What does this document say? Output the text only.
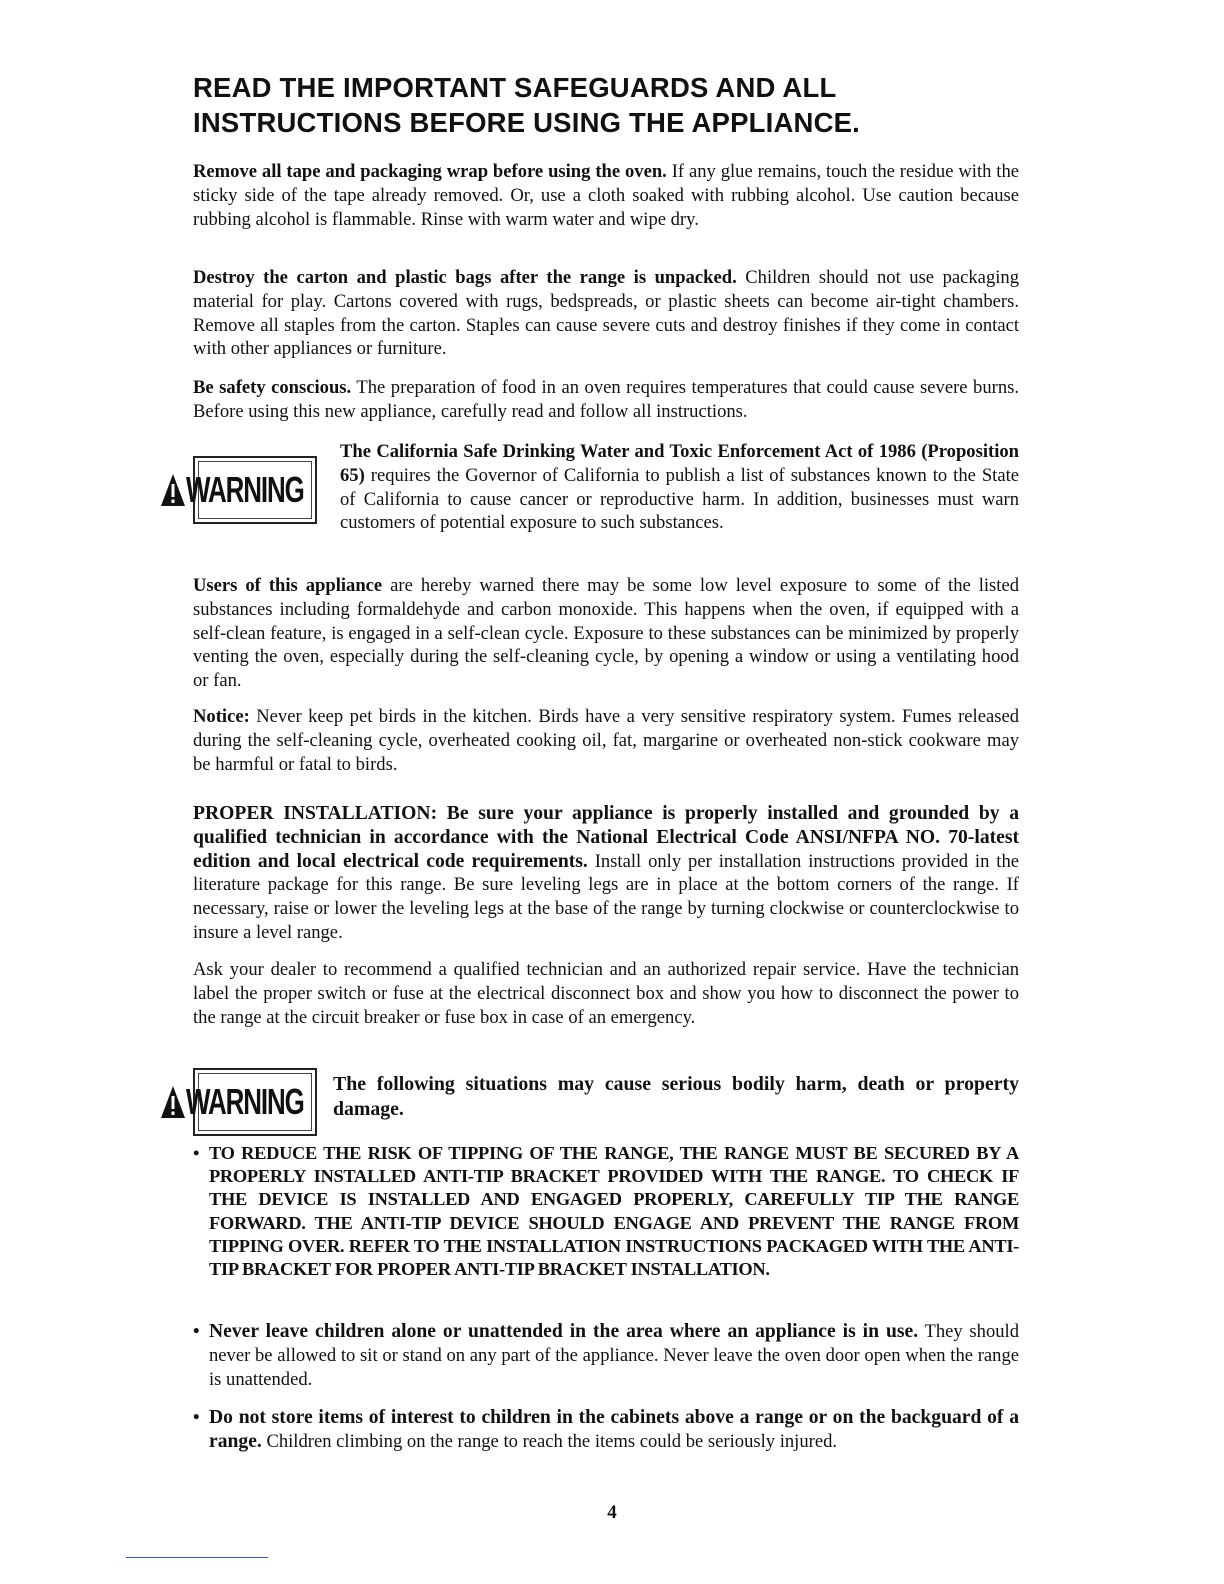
READ THE IMPORTANT SAFEGUARDS AND ALL
INSTRUCTIONS BEFORE USING THE APPLIANCE.

Remove all tape and packaging wrap before using the oven. If any glue remains, touch the residue with the sticky side of the tape already removed. Or, use a cloth soaked with rubbing alcohol. Use caution because rubbing alcohol is flammable. Rinse with warm water and wipe dry.

Destroy the carton and plastic bags after the range is unpacked. Children should not use packaging material for play. Cartons covered with rugs, bedspreads, or plastic sheets can become air-tight chambers. Remove all staples from the carton. Staples can cause severe cuts and destroy finishes if they come in contact with other appliances or furniture.

Be safety conscious. The preparation of food in an oven requires temperatures that could cause severe burns. Before using this new appliance, carefully read and follow all instructions.

WARNING

The California Safe Drinking Water and Toxic Enforcement Act of 1986 (Proposition 65) requires the Governor of California to publish a list of substances known to the State of California to cause cancer or reproductive harm. In addition, businesses must warn customers of potential exposure to such substances.

Users of this appliance are hereby warned there may be some low level exposure to some of the listed substances including formaldehyde and carbon monoxide. This happens when the oven, if equipped with a self-clean feature, is engaged in a self-clean cycle. Exposure to these substances can be minimized by properly venting the oven, especially during the self-cleaning cycle, by opening a window or using a ventilating hood or fan.

Notice: Never keep pet birds in the kitchen. Birds have a very sensitive respiratory system. Fumes released during the self-cleaning cycle, overheated cooking oil, fat, margarine or overheated non-stick cookware may be harmful or fatal to birds.

PROPER INSTALLATION: Be sure your appliance is properly installed and grounded by a qualified technician in accordance with the National Electrical Code ANSI/NFPA NO. 70-latest edition and local electrical code requirements. Install only per installation instructions provided in the literature package for this range. Be sure leveling legs are in place at the bottom corners of the range. If necessary, raise or lower the leveling legs at the base of the range by turning clockwise or counterclockwise to insure a level range.

Ask your dealer to recommend a qualified technician and an authorized repair service. Have the technician label the proper switch or fuse at the electrical disconnect box and show you how to disconnect the power to the range at the circuit breaker or fuse box in case of an emergency.

WARNING The following situations may cause serious bodily harm, death or property damage.

• TO REDUCE THE RISK OF TIPPING OF THE RANGE, THE RANGE MUST BE SECURED BY A PROPERLY INSTALLED ANTI-TIP BRACKET PROVIDED WITH THE RANGE. TO CHECK IF THE DEVICE IS INSTALLED AND ENGAGED PROPERLY, CAREFULLY TIP THE RANGE FORWARD. THE ANTI-TIP DEVICE SHOULD ENGAGE AND PREVENT THE RANGE FROM TIPPING OVER. REFER TO THE INSTALLATION INSTRUCTIONS PACKAGED WITH THE ANTI-TIP BRACKET FOR PROPER ANTI-TIP BRACKET INSTALLATION.

• Never leave children alone or unattended in the area where an appliance is in use. They should never be allowed to sit or stand on any part of the appliance. Never leave the oven door open when the range is unattended.

• Do not store items of interest to children in the cabinets above a range or on the backguard of a range. Children climbing on the range to reach the items could be seriously injured.

4
